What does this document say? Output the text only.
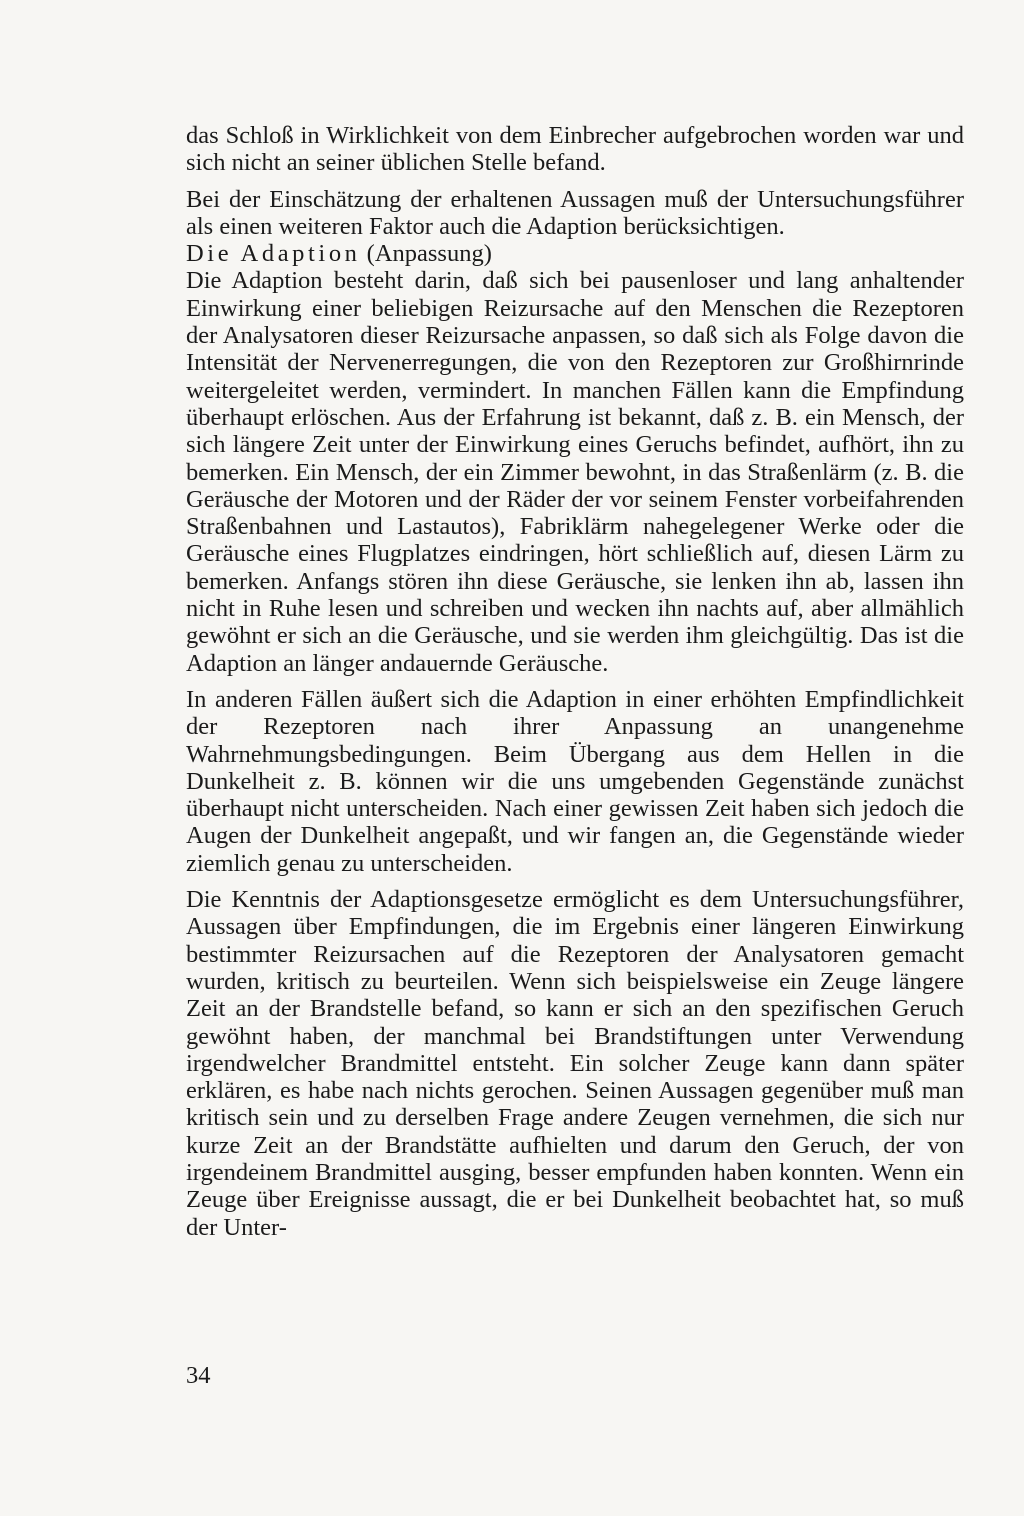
das Schloß in Wirklichkeit von dem Einbrecher aufgebrochen worden war und sich nicht an seiner üblichen Stelle befand.

Bei der Einschätzung der erhaltenen Aussagen muß der Untersuchungsführer als einen weiteren Faktor auch die Adaption berücksichtigen.

Die Adaption (Anpassung)

Die Adaption besteht darin, daß sich bei pausenloser und lang anhaltender Einwirkung einer beliebigen Reizursache auf den Menschen die Rezeptoren der Analysatoren dieser Reizursache anpassen, so daß sich als Folge davon die Intensität der Nervenerregungen, die von den Rezeptoren zur Großhirnrinde weitergeleitet werden, vermindert. In manchen Fällen kann die Empfindung überhaupt erlöschen. Aus der Erfahrung ist bekannt, daß z. B. ein Mensch, der sich längere Zeit unter der Einwirkung eines Geruchs befindet, aufhört, ihn zu bemerken. Ein Mensch, der ein Zimmer bewohnt, in das Straßenlärm (z. B. die Geräusche der Motoren und der Räder der vor seinem Fenster vorbeifahrenden Straßenbahnen und Lastautos), Fabriklärm nahegelegener Werke oder die Geräusche eines Flugplatzes eindringen, hört schließlich auf, diesen Lärm zu bemerken. Anfangs stören ihn diese Geräusche, sie lenken ihn ab, lassen ihn nicht in Ruhe lesen und schreiben und wecken ihn nachts auf, aber allmählich gewöhnt er sich an die Geräusche, und sie werden ihm gleichgültig. Das ist die Adaption an länger andauernde Geräusche.

In anderen Fällen äußert sich die Adaption in einer erhöhten Empfindlichkeit der Rezeptoren nach ihrer Anpassung an unangenehme Wahrnehmungsbedingungen. Beim Übergang aus dem Hellen in die Dunkelheit z. B. können wir die uns umgebenden Gegenstände zunächst überhaupt nicht unterscheiden. Nach einer gewissen Zeit haben sich jedoch die Augen der Dunkelheit angepaßt, und wir fangen an, die Gegenstände wieder ziemlich genau zu unterscheiden.

Die Kenntnis der Adaptionsgesetze ermöglicht es dem Untersuchungsführer, Aussagen über Empfindungen, die im Ergebnis einer längeren Einwirkung bestimmter Reizursachen auf die Rezeptoren der Analysatoren gemacht wurden, kritisch zu beurteilen. Wenn sich beispielsweise ein Zeuge längere Zeit an der Brandstelle befand, so kann er sich an den spezifischen Geruch gewöhnt haben, der manchmal bei Brandstiftungen unter Verwendung irgendwelcher Brandmittel entsteht. Ein solcher Zeuge kann dann später erklären, es habe nach nichts gerochen. Seinen Aussagen gegenüber muß man kritisch sein und zu derselben Frage andere Zeugen vernehmen, die sich nur kurze Zeit an der Brandstätte aufhielten und darum den Geruch, der von irgendeinem Brandmittel ausging, besser empfunden haben konnten. Wenn ein Zeuge über Ereignisse aussagt, die er bei Dunkelheit beobachtet hat, so muß der Unter-

34
